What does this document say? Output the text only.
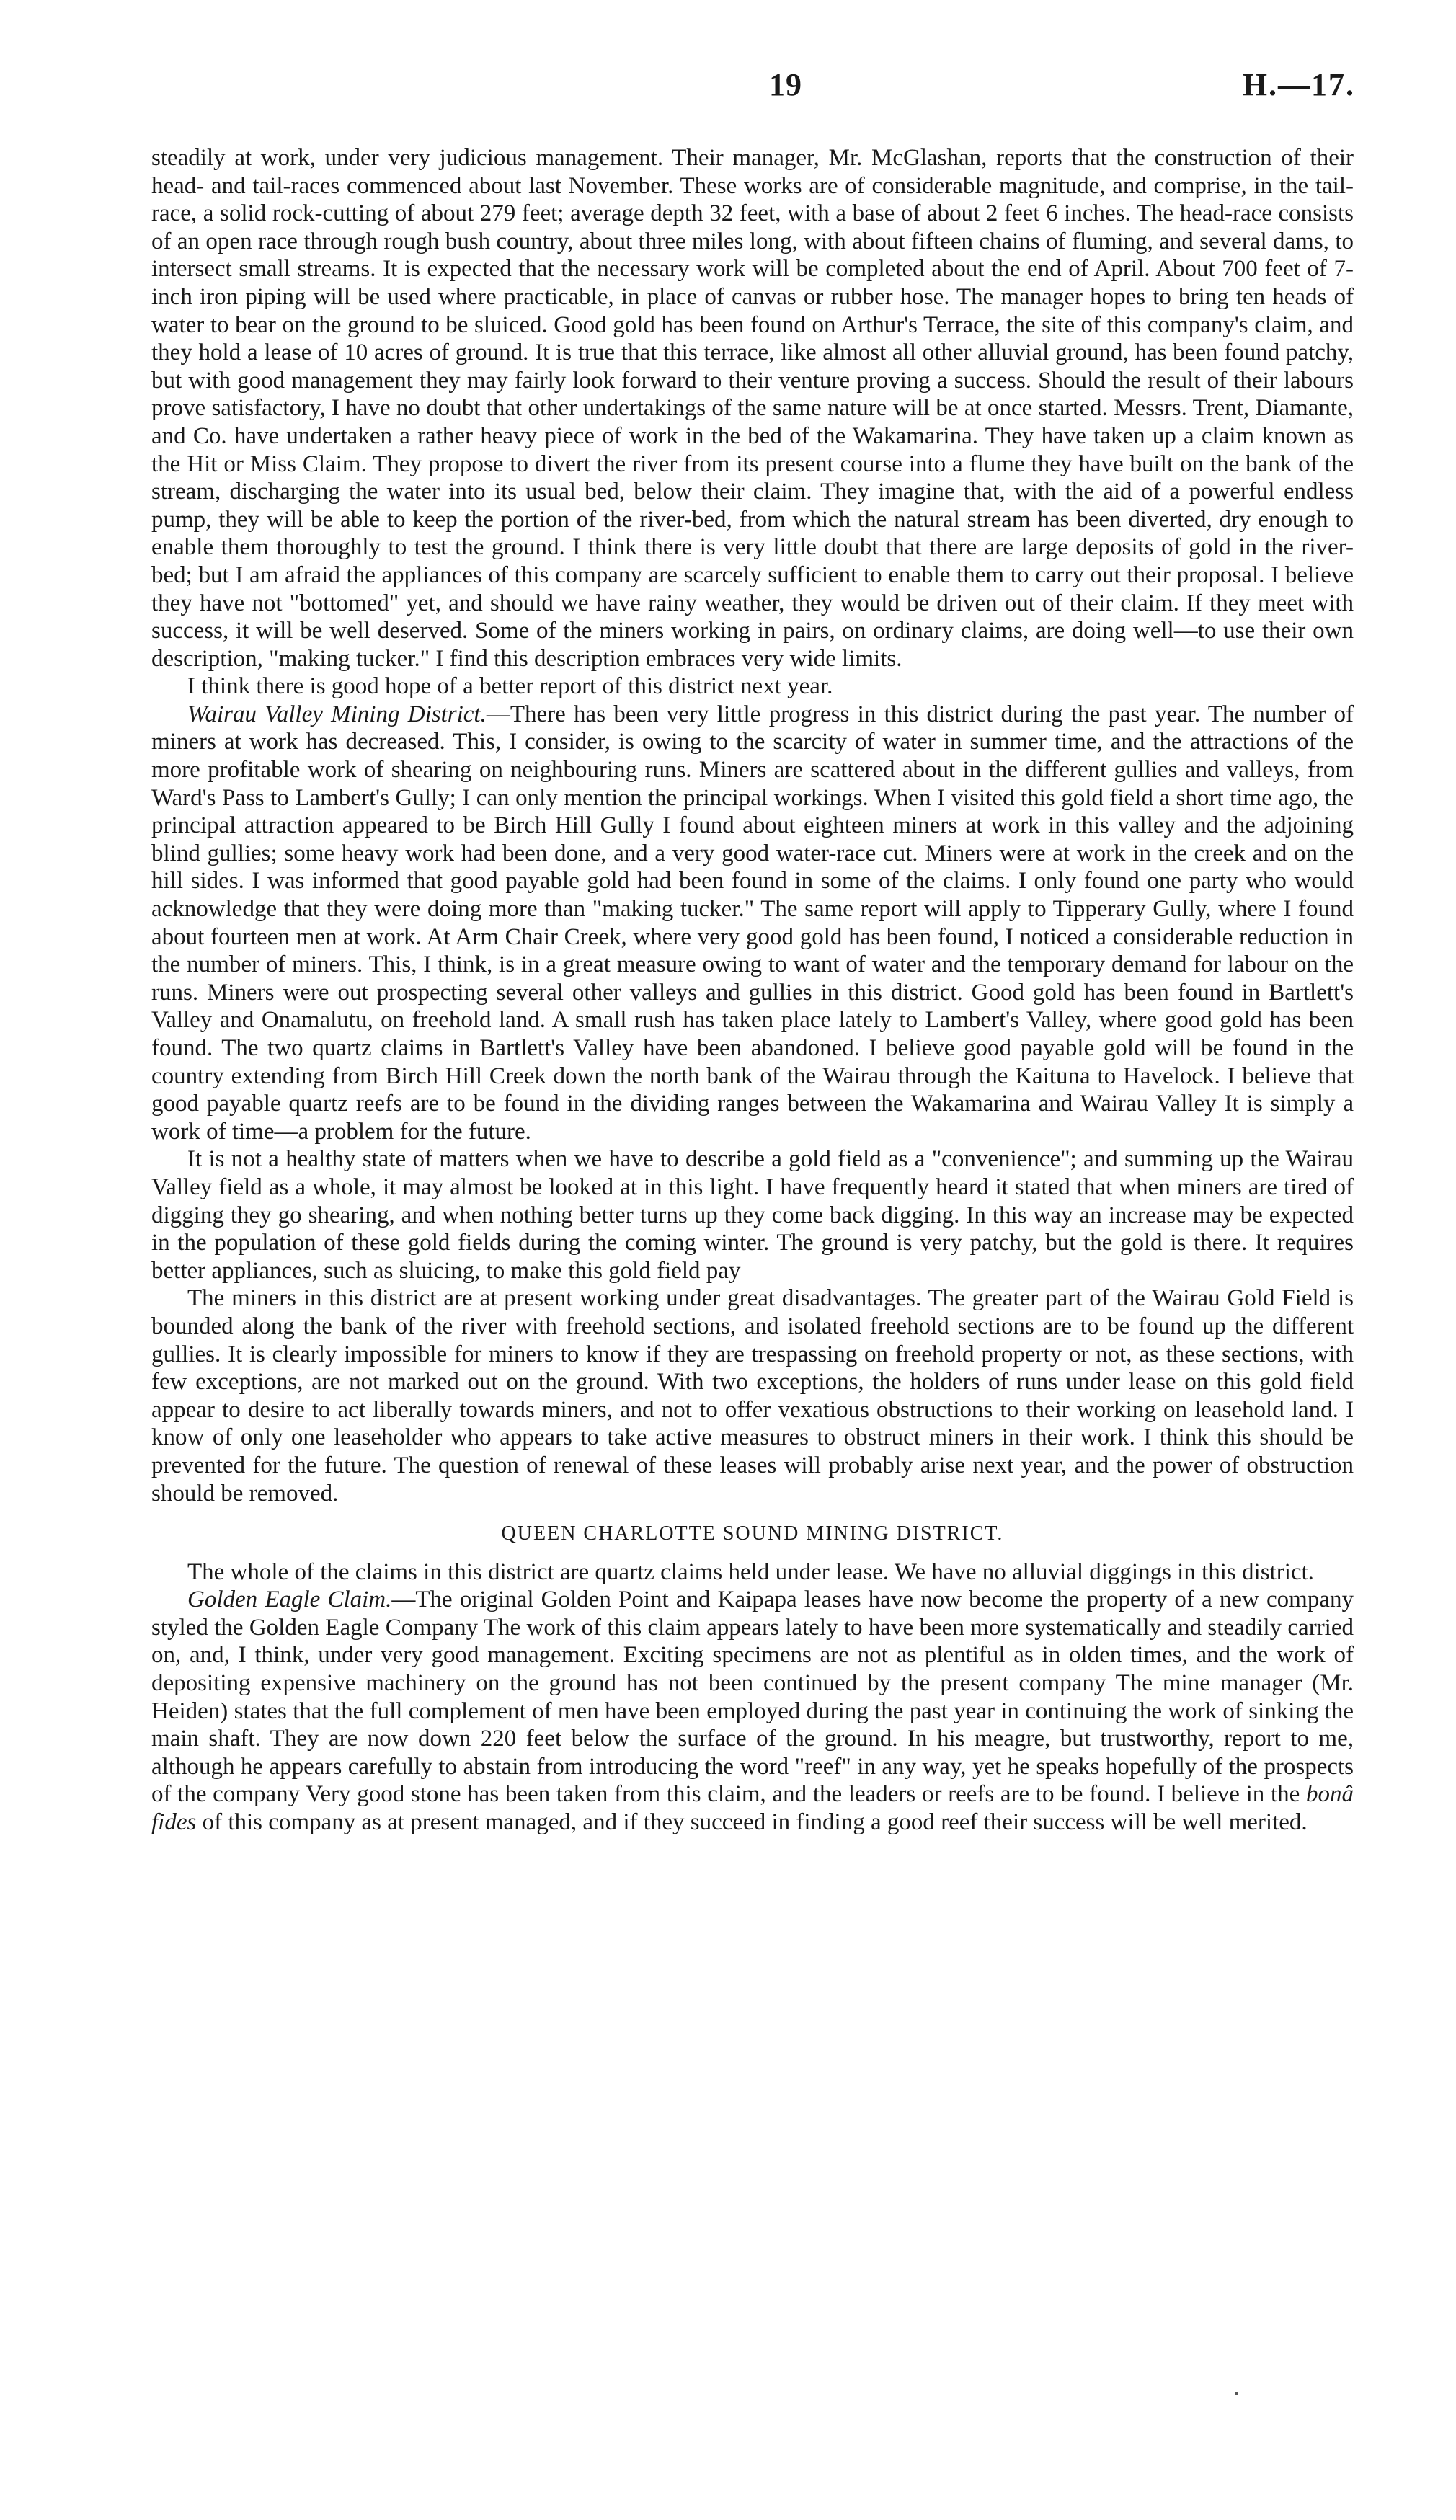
19	H.—17.

steadily at work, under very judicious management. Their manager, Mr. McGlashan, reports that the construction of their head- and tail-races commenced about last November. These works are of considerable magnitude, and comprise, in the tail-race, a solid rock-cutting of about 279 feet; average depth 32 feet, with a base of about 2 feet 6 inches. The head-race consists of an open race through rough bush country, about three miles long, with about fifteen chains of fluming, and several dams, to intersect small streams. It is expected that the necessary work will be completed about the end of April. About 700 feet of 7-inch iron piping will be used where practicable, in place of canvas or rubber hose. The manager hopes to bring ten heads of water to bear on the ground to be sluiced. Good gold has been found on Arthur's Terrace, the site of this company's claim, and they hold a lease of 10 acres of ground. It is true that this terrace, like almost all other alluvial ground, has been found patchy, but with good management they may fairly look forward to their venture proving a success. Should the result of their labours prove satisfactory, I have no doubt that other undertakings of the same nature will be at once started. Messrs. Trent, Diamante, and Co. have undertaken a rather heavy piece of work in the bed of the Wakamarina. They have taken up a claim known as the Hit or Miss Claim. They propose to divert the river from its present course into a flume they have built on the bank of the stream, discharging the water into its usual bed, below their claim. They imagine that, with the aid of a powerful endless pump, they will be able to keep the portion of the river-bed, from which the natural stream has been diverted, dry enough to enable them thoroughly to test the ground. I think there is very little doubt that there are large deposits of gold in the river-bed; but I am afraid the appliances of this company are scarcely sufficient to enable them to carry out their proposal. I believe they have not "bottomed" yet, and should we have rainy weather, they would be driven out of their claim. If they meet with success, it will be well deserved. Some of the miners working in pairs, on ordinary claims, are doing well—to use their own description, "making tucker." I find this description embraces very wide limits.

I think there is good hope of a better report of this district next year.

Wairau Valley Mining District.—There has been very little progress in this district during the past year. The number of miners at work has decreased. This, I consider, is owing to the scarcity of water in summer time, and the attractions of the more profitable work of shearing on neighbouring runs. Miners are scattered about in the different gullies and valleys, from Ward's Pass to Lambert's Gully; I can only mention the principal workings. When I visited this gold field a short time ago, the principal attraction appeared to be Birch Hill Gully I found about eighteen miners at work in this valley and the adjoining blind gullies; some heavy work had been done, and a very good water-race cut. Miners were at work in the creek and on the hill sides. I was informed that good payable gold had been found in some of the claims. I only found one party who would acknowledge that they were doing more than "making tucker." The same report will apply to Tipperary Gully, where I found about fourteen men at work. At Arm Chair Creek, where very good gold has been found, I noticed a considerable reduction in the number of miners. This, I think, is in a great measure owing to want of water and the temporary demand for labour on the runs. Miners were out prospecting several other valleys and gullies in this district. Good gold has been found in Bartlett's Valley and Onamalutu, on freehold land. A small rush has taken place lately to Lambert's Valley, where good gold has been found. The two quartz claims in Bartlett's Valley have been abandoned. I believe good payable gold will be found in the country extending from Birch Hill Creek down the north bank of the Wairau through the Kaituna to Havelock. I believe that good payable quartz reefs are to be found in the dividing ranges between the Wakamarina and Wairau Valley It is simply a work of time—a problem for the future.

It is not a healthy state of matters when we have to describe a gold field as a "convenience"; and summing up the Wairau Valley field as a whole, it may almost be looked at in this light. I have frequently heard it stated that when miners are tired of digging they go shearing, and when nothing better turns up they come back digging. In this way an increase may be expected in the population of these gold fields during the coming winter. The ground is very patchy, but the gold is there. It requires better appliances, such as sluicing, to make this gold field pay

The miners in this district are at present working under great disadvantages. The greater part of the Wairau Gold Field is bounded along the bank of the river with freehold sections, and isolated freehold sections are to be found up the different gullies. It is clearly impossible for miners to know if they are trespassing on freehold property or not, as these sections, with few exceptions, are not marked out on the ground. With two exceptions, the holders of runs under lease on this gold field appear to desire to act liberally towards miners, and not to offer vexatious obstructions to their working on leasehold land. I know of only one leaseholder who appears to take active measures to obstruct miners in their work. I think this should be prevented for the future. The question of renewal of these leases will probably arise next year, and the power of obstruction should be removed.

QUEEN CHARLOTTE SOUND MINING DISTRICT.

The whole of the claims in this district are quartz claims held under lease. We have no alluvial diggings in this district.

Golden Eagle Claim.—The original Golden Point and Kaipapa leases have now become the property of a new company styled the Golden Eagle Company The work of this claim appears lately to have been more systematically and steadily carried on, and, I think, under very good management. Exciting specimens are not as plentiful as in olden times, and the work of depositing expensive machinery on the ground has not been continued by the present company The mine manager (Mr. Heiden) states that the full complement of men have been employed during the past year in continuing the work of sinking the main shaft. They are now down 220 feet below the surface of the ground. In his meagre, but trustworthy, report to me, although he appears carefully to abstain from introducing the word "reef" in any way, yet he speaks hopefully of the prospects of the company Very good stone has been taken from this claim, and the leaders or reefs are to be found. I believe in the bonâ fides of this company as at present managed, and if they succeed in finding a good reef their success will be well merited.
